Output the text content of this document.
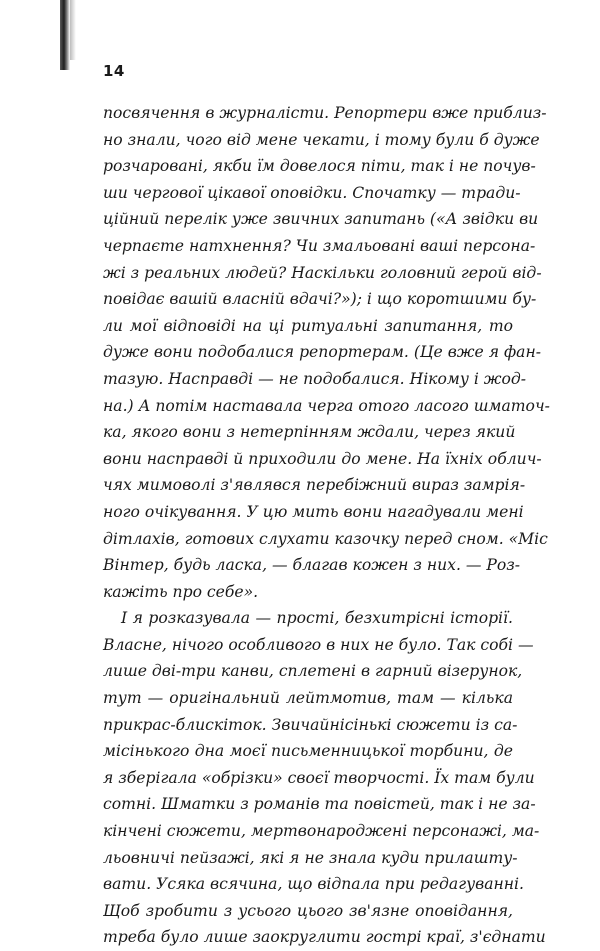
14
посвячення в журналісти. Репортери вже приблиз-
но знали, чого від мене чекати, і тому були б дуже
розчаровані, якби їм довелося піти, так і не почув-
ши чергової цікавої оповідки. Спочатку — тради-
ційний перелік уже звичних запитань («А звідки ви
черпаєте натхнення? Чи змальовані ваші персона-
жі з реальних людей? Наскільки головний герой від-
повідає вашій власній вдачі?»); і що коротшими бу-
ли мої відповіді на ці ритуальні запитання, то
дуже вони подобалися репортерам. (Це вже я фан-
тазую. Насправді — не подобалися. Нікому і жод-
на.) А потім наставала черга отого ласого шматоч-
ка, якого вони з нетерпінням ждали, через який
вони насправді й приходили до мене. На їхніх облич-
чях мимоволі з'являвся перебіжний вираз замрія-
ного очікування. У цю мить вони нагадували мені
дітлахів, готових слухати казочку перед сном. «Міс
Вінтер, будь ласка, — благав кожен з них. — Роз-
кажіть про себе».
І я розказувала — прості, безхитрісні історії.
Власне, нічого особливого в них не було. Так собі —
лише дві-три канви, сплетені в гарний візерунок,
тут — оригінальний лейтмотив, там — кілька
прикрас-блискіток. Звичайнісінькі сюжети із са-
місінького дна моєї письменницької торбини, де
я зберігала «обрізки» своєї творчості. Їх там були
сотні. Шматки з романів та повістей, так і не за-
кінчені сюжети, мертвонароджені персонажі, ма-
льовничі пейзажі, які я не знала куди прилашту-
вати. Усяка всячина, що відпала при редагуванні.
Щоб зробити з усього цього зв'язне оповідання,
треба було лише заокруглити гострі краї, з'єднати
